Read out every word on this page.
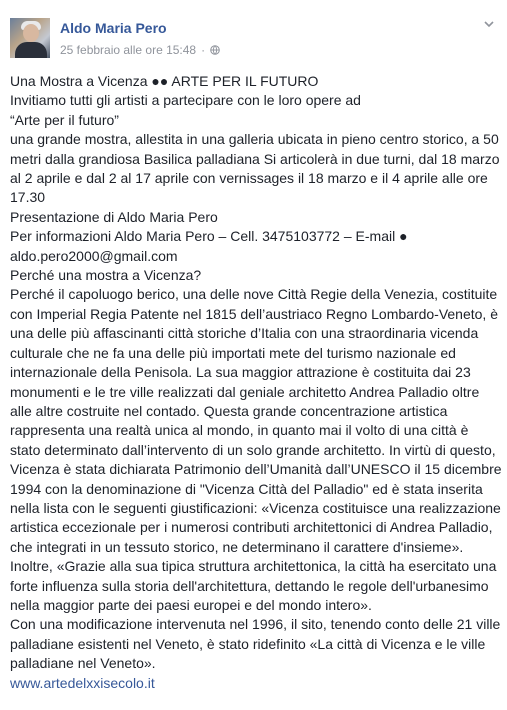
Aldo Maria Pero
25 febbraio alle ore 15:48 ·

Una Mostra a Vicenza ●● ARTE PER IL FUTURO
Invitiamo tutti gli artisti a partecipare con le loro opere ad
“Arte per il futuro”
una grande mostra, allestita in una galleria ubicata in pieno centro storico, a 50 metri dalla grandiosa Basilica palladiana Si articolerà in due turni, dal 18 marzo al 2 aprile e dal 2 al 17 aprile con vernissages il 18 marzo e il 4 aprile alle ore 17.30
Presentazione di Aldo Maria Pero
Per informazioni Aldo Maria Pero – Cell. 3475103772 – E-mail ●
aldo.pero2000@gmail.com
Perché una mostra a Vicenza?
Perché il capoluogo berico, una delle nove Città Regie della Venezia, costituite con Imperial Regia Patente nel 1815 dell’austriaco Regno Lombardo-Veneto, è una delle più affascinanti città storiche d’Italia con una straordinaria vicenda culturale che ne fa una delle più importati mete del turismo nazionale ed internazionale della Penisola. La sua maggior attrazione è costituita dai 23 monumenti e le tre ville realizzati dal geniale architetto Andrea Palladio oltre alle altre costruite nel contado. Questa grande concentrazione artistica rappresenta una realtà unica al mondo, in quanto mai il volto di una città è stato determinato dall’intervento di un solo grande architetto. In virtù di questo, Vicenza è stata dichiarata Patrimonio dell’Umanità dall’UNESCO il 15 dicembre 1994 con la denominazione di "Vicenza Città del Palladio" ed è stata inserita nella lista con le seguenti giustificazioni: «Vicenza costituisce una realizzazione artistica eccezionale per i numerosi contributi architettonici di Andrea Palladio, che integrati in un tessuto storico, ne determinano il carattere d'insieme». Inoltre, «Grazie alla sua tipica struttura architettonica, la città ha esercitato una forte influenza sulla storia dell'architettura, dettando le regole dell'urbanesimo nella maggior parte dei paesi europei e del mondo intero».
Con una modificazione intervenuta nel 1996, il sito, tenendo conto delle 21 ville palladiane esistenti nel Veneto, è stato ridefinito «La città di Vicenza e le ville palladiane nel Veneto».

www.artedelxxisecolo.it
